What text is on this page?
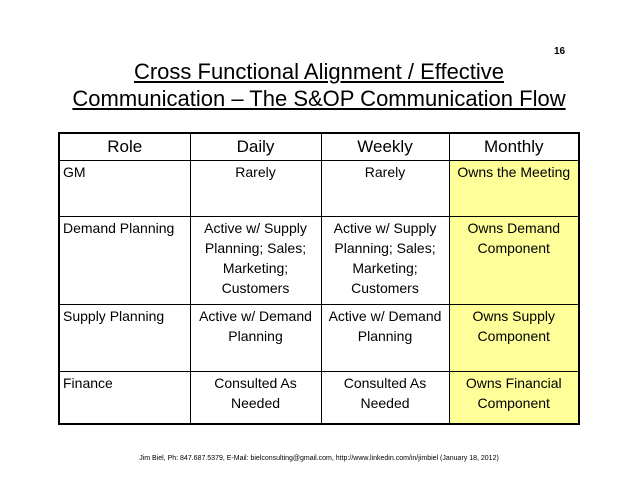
16
Cross Functional Alignment / Effective
Communication – The S&OP Communication Flow
Role	Daily	Weekly	Monthly
GM	Rarely	Rarely	Owns the Meeting
Demand Planning	Active w/ Supply Planning; Sales; Marketing; Customers	Active w/ Supply Planning; Sales; Marketing; Customers	Owns Demand Component
Supply Planning	Active w/ Demand Planning	Active w/ Demand Planning	Owns Supply Component
Finance	Consulted As Needed	Consulted As Needed	Owns Financial Component
Jim Biel, Ph: 847.687.5379, E-Mail: bielconsulting@gmail.com, http://www.linkedin.com/in/jimbiel (January 18, 2012)
